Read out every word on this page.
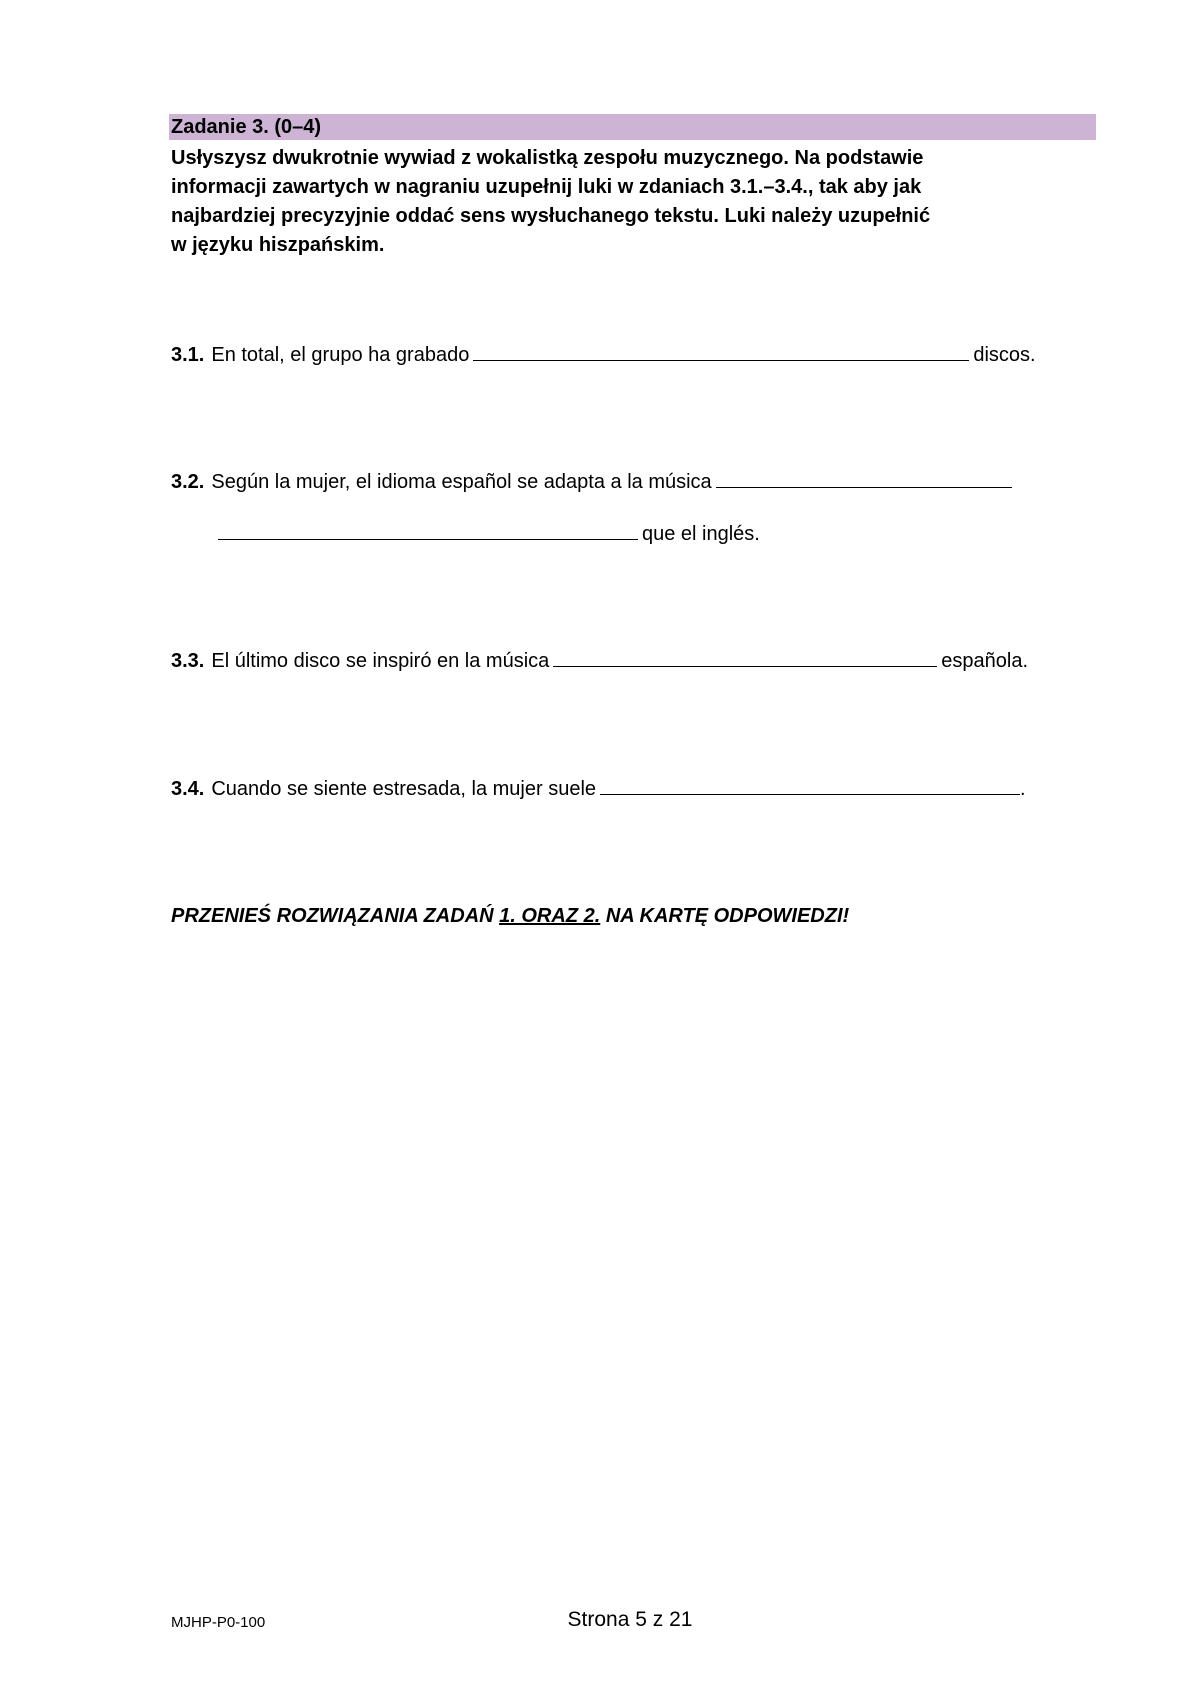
Zadanie 3. (0–4)
Usłyszysz dwukrotnie wywiad z wokalistką zespołu muzycznego. Na podstawie
informacji zawartych w nagraniu uzupełnij luki w zdaniach 3.1.–3.4., tak aby jak
najbardziej precyzyjnie oddać sens wysłuchanego tekstu. Luki należy uzupełnić
w języku hiszpańskim.
3.1. En total, el grupo ha grabado	discos.
3.2. Según la mujer, el idioma español se adapta a la música
que el inglés.
3.3. El último disco se inspiró en la música	española.
3.4. Cuando se siente estresada, la mujer suele	.
PRZENIEŚ ROZWIĄZANIA ZADAŃ 1. ORAZ 2. NA KARTĘ ODPOWIEDZI!
MJHP-P0-100	Strona 5 z 21
